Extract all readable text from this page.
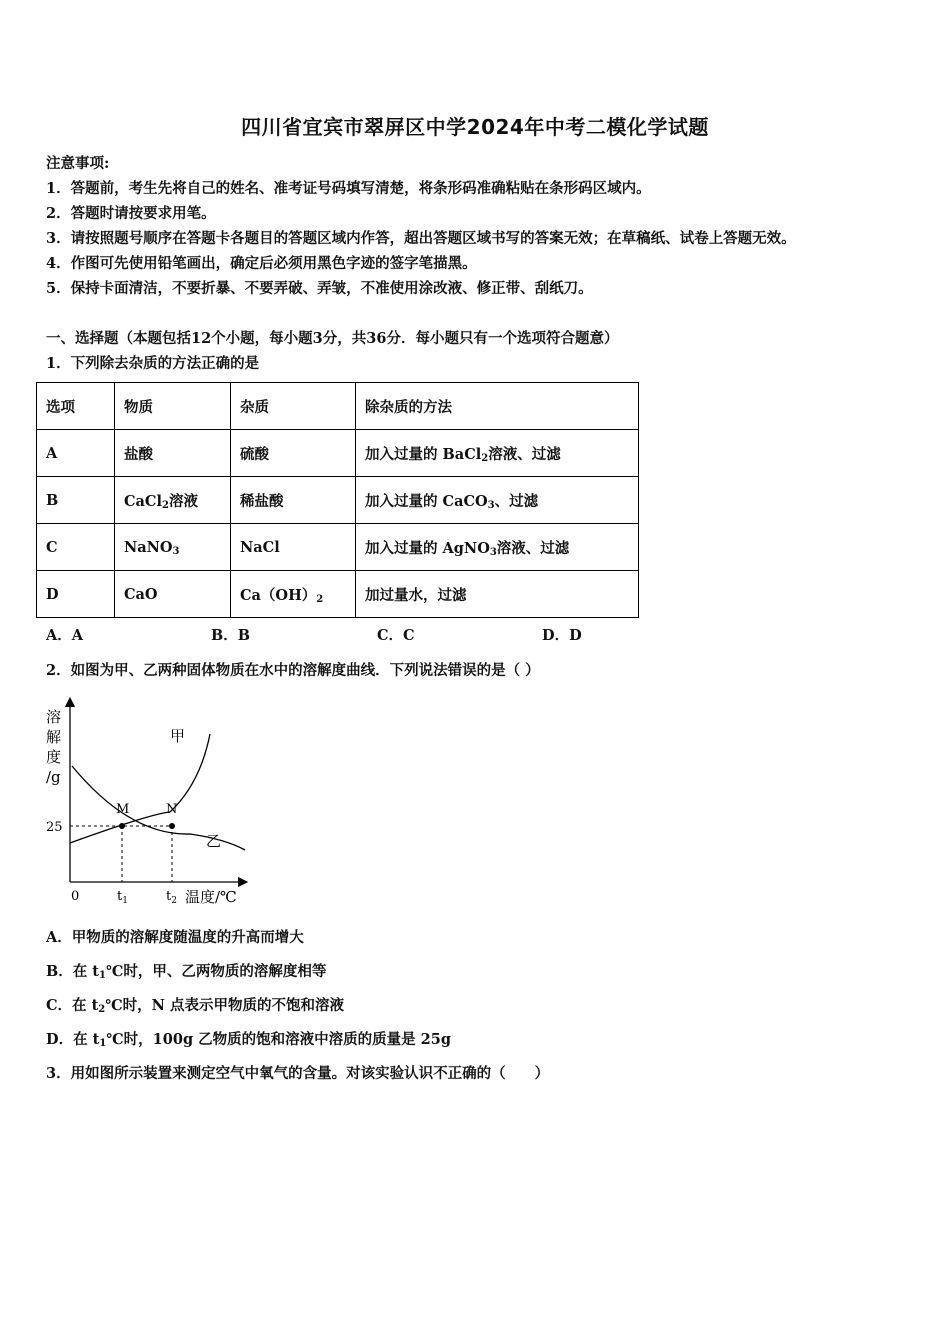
四川省宜宾市翠屏区中学2024年中考二模化学试题
注意事项:
1．答题前，考生先将自己的姓名、准考证号码填写清楚，将条形码准确粘贴在条形码区域内。
2．答题时请按要求用笔。
3．请按照题号顺序在答题卡各题目的答题区域内作答，超出答题区域书写的答案无效；在草稿纸、试卷上答题无效。
4．作图可先使用铅笔画出，确定后必须用黑色字迹的签字笔描黑。
5．保持卡面清洁，不要折暴、不要弄破、弄皱，不准使用涂改液、修正带、刮纸刀。
一、选择题（本题包括12个小题，每小题3分，共36分．每小题只有一个选项符合题意）
1．下列除去杂质的方法正确的是
选项	物质	杂质	除杂质的方法
A	盐酸	硫酸	加入过量的 BaCl$_2$溶液、过滤
B	CaCl$_2$溶液	稀盐酸	加入过量的 CaCO$_3$、过滤
C	NaNO$_3$	NaCl	加入过量的 AgNO$_3$溶液、过滤
D	CaO	$Ca(OH)_2$	加过量水，过滤
A．A	B．B	C．C	D．D
2．如图为甲、乙两种固体物质在水中的溶解度曲线．下列说法错误的是（ ）
溶
解
度
/g
25
0	$t_1$	$t_2$ 温度/℃
甲
乙
M	N
A．甲物质的溶解度随温度的升高而增大
B．在 $t_1℃$时，甲、乙两物质的溶解度相等
C．在 $t_2℃$时，N 点表示甲物质的不饱和溶液
D．在 $t_1℃$时，100g 乙物质的饱和溶液中溶质的质量是 25g
3．用如图所示装置来测定空气中氧气的含量。对该实验认识不正确的（　　）
